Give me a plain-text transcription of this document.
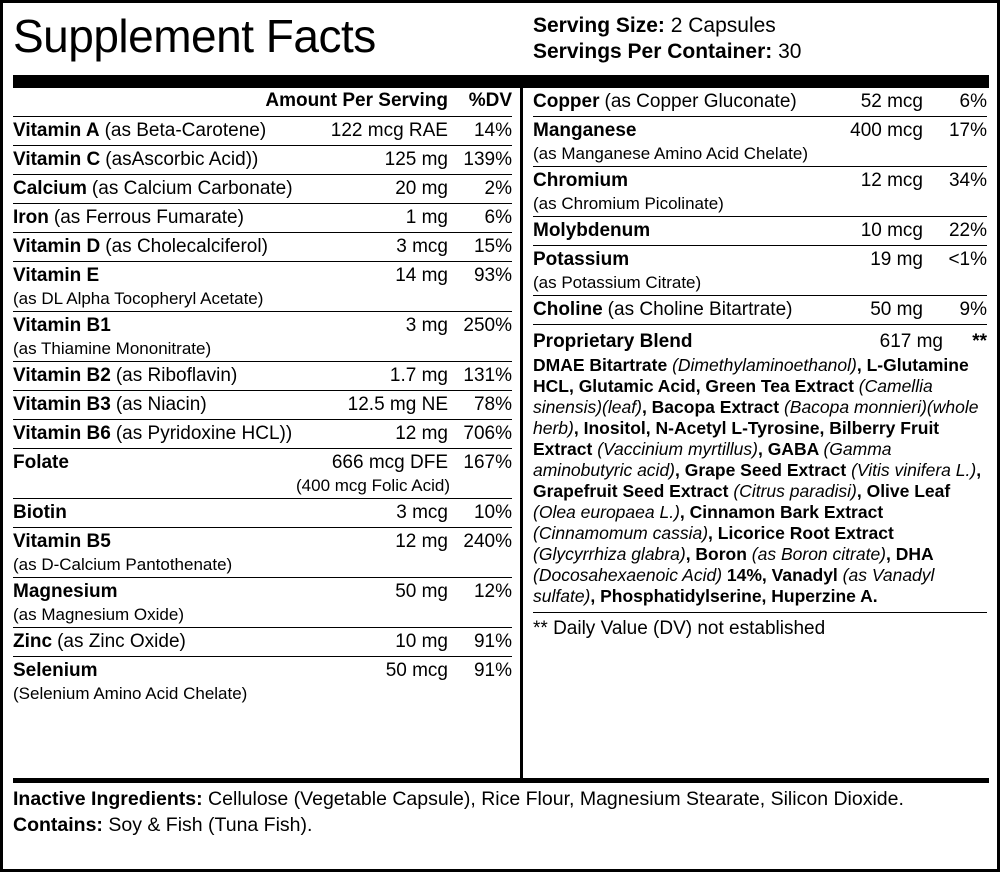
Supplement Facts	Serving Size: 2 Capsules
Servings Per Container: 30
Amount Per Serving	%DV
Vitamin A (as Beta-Carotene)	122 mcg RAE	14%
Vitamin C (asAscorbic Acid))	125 mg 139%
Calcium (as Calcium Carbonate)	20 mg	2%
Iron (as Ferrous Fumarate)	1 mg	6%
Vitamin D (as Cholecalciferol)	3 mcg	15%
Vitamin E	14 mg	93%
(as DL Alpha Tocopheryl Acetate)
Vitamin B1	3 mg 250%
(as Thiamine Mononitrate)
Vitamin B2 (as Riboflavin)	1.7 mg 131%
Vitamin B3 (as Niacin)	12.5 mg NE	78%
Vitamin B6 (as Pyridoxine HCL))	12 mg 706%
Folate	666 mcg DFE 167%
(400 mcg Folic Acid)
Biotin	3 mcg	10%
Vitamin B5	12 mg 240%
(as D-Calcium Pantothenate)
Magnesium	50 mg	12%
(as Magnesium Oxide)
Zinc (as Zinc Oxide)	10 mg	91%
Selenium	50 mcg	91%
(Selenium Amino Acid Chelate)
Copper (as Copper Gluconate)	52 mcg	6%
Manganese	400 mcg	17%
(as Manganese Amino Acid Chelate)
Chromium	12 mcg	34%
(as Chromium Picolinate)
Molybdenum	10 mcg	22%
Potassium	19 mg	<1%
(as Potassium Citrate)
Choline (as Choline Bitartrate)	50 mg	9%
Proprietary Blend	617 mg	**
DMAE Bitartrate (Dimethylaminoethanol), L-Glutamine HCL, Glutamic Acid, Green Tea Extract (Camellia sinensis)(leaf), Bacopa Extract (Bacopa monnieri)(whole herb), Inositol, N-Acetyl L-Tyrosine, Bilberry Fruit Extract (Vaccinium myrtillus), GABA (Gamma aminobutyric acid), Grape Seed Extract (Vitis vinifera L.), Grapefruit Seed Extract (Citrus paradisi), Olive Leaf (Olea europaea L.), Cinnamon Bark Extract (Cinnamomum cassia), Licorice Root Extract (Glycyrrhiza glabra), Boron (as Boron citrate), DHA (Docosahexaenoic Acid) 14%, Vanadyl (as Vanadyl sulfate), Phosphatidylserine, Huperzine A.
** Daily Value (DV) not established
Inactive Ingredients: Cellulose (Vegetable Capsule), Rice Flour, Magnesium Stearate, Silicon Dioxide.
Contains: Soy & Fish (Tuna Fish).
